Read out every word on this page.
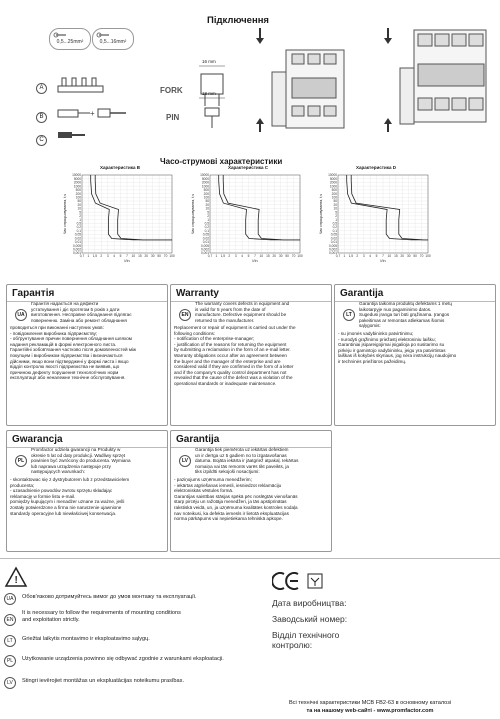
Підключення
0,5...25mm²	0,5...16mm²
A
B
C
+
FORK
PIN
16 mm
18 mm
Часо-струмові характеристики
Характеристика В
10000
5000
2000
1000
500
200
100
50
20
10
5
2
1
0,5
0,2
0,1
0,05
0,02
0,01
0,005
0,002
0,001
0,7 1 1,5 2 3 4 5 7 10 15 20 30 50 70 100
Час спрацьовування, t,s
I/In
Характеристика С
10000
5000
2000
1000
500
200
100
50
20
10
5
2
1
0,5
0,2
0,1
0,05
0,02
0,01
0,005
0,002
0,001
0,7 1 1,5 2 3 4 5 7 10 15 20 30 50 70 100
Час спрацьовування, t,s
I/In
Характеристика D
10000
5000
2000
1000
500
200
100
50
20
10
5
2
1
0,5
0,2
0,1
0,05
0,02
0,01
0,005
0,002
0,001
0,7 1 1,5 2 3 4 5 7 10 15 20 30 50 70 100
Час спрацьовування, t,s
I/In
Гарантія
UA
Гарантія надається на дефекти
устаткування і діє протягом 5 років з дати
виготовлення. Несправне обладнання підлягає
поверненню. Заміна або ремонт обладнання
проводиться при виконанні наступних умов:
- повідомлення виробника підприємству;
- обґрунтування причин повернення обладнання шляхом
надання рекламацій в формі електронного листа.
Гарантійні зобов'язання частково після домовленостей між
покупцем і виробником підприємства і визначаються
дійсними, якщо вони підтверджені у формі листа і якщо
відділ контролю якості підприємства не виявив, що
причиною дефекту порушення технологічних норм
експлуатації або неналежне технічне обслуговування.
Warranty
EN
The warranty covers defects in equipment and
is valid for 5 years from the date of
manufacture. Defective equipment should be
returned to the manufacturer.
Replacement or repair of equipment is carried out under the
following conditions:
- notification of the enterprise-manager;
- justification of the reasons for returning the equipment
by submitting a reclamation in the form of an e-mail letter.
Warranty obligations occur after an agreement between
the buyer and the manager of the enterprise and are
considered valid if they are confirmed in the form of a letter
and if the company's quality control department has not
revealed that the cause of the defect was a violation of the
operational standards or inadequate maintenance.
Garantija
LT
Garantija taikoma produktų defektams 1 metų
laikotarpyje nuo pagaminimo datos.
Sugedusi įranga turi būti grąžinama. Įrangos
pakeitimas ar remontas atliekamas šiomis
sąlygomis:
- su įmonės vadybininko patvirtinimu;
- nurodyti grąžinimo priežastį elektroniniu laišku;
Garantiniai įsipareigojimai įsigalioja po susitarimo su
pirkėju ir gamintojo vadybininku, jeigu yra patvirtintas
laiškas iš kokybės skyriaus, jog nėra instrukcijų naudojimo
ir techninės priežiūros pažeidimų.
Gwarancja
PL
Promfactor udziela gwarancji na Produkty w
okresie 5 lat od daty produkcji. Wadliwy sprzęt
powinien być zwrócony do producenta. Wymiana
lub naprawa urządzenia następuje przy
następujących warunkach:
- skontaktowac się z dystrybutorem lub z przedstawicielem
producenta;
- uzasadnienie powodów zwrotu sprzętu składając
reklamację w formie listu e-mail.
pomiędzy kupującym i menadżer uznane za ważne, jeśli
zostały potwierdzone a firma nie naruszenie ujawnione
standardy operacyjne lub niewłaściwej konserwacja.
Garantija
LV
Garantija tiek piemērota uz iekārtas defektiem
un ir derīga uz 5 gadiem no to izgatavošanas
datuma. Bojāta iekārta ir jāatgriež atpakaļ. Iekārtas
nomaiņa vai tās remonts varēs tikt paveikts, ja
tiks izpildīti sekojoši nosacījumi:
- paziņojums uzņēmuma menedžerim;
- iekārtas atgriešanas iemesli, iesniedzot reklamāciju
elektroniskās vēstules formā.
Garantijas saistības stāsjas spēkā pēc noslēgtās vienošanās
starp pircēju un ražotāja menedžeri, ja tās apstiprinātas
rakstiskā veidā, un, ja uzņēmuma kvalitātes kontroles nodaļa
nav noteikusi, ka defekta iemesls ir lietotā ekspluatācijas
norma pārkāpums vai nepietiekama tehniskā apkope.
!
UA	Обов'язково дотримуйтесь вимог до умов монтажу та експлуатації.
EN
It is necessary to follow the requirements of mounting conditions
and exploitation strictly.
LT	Griežtai laikytis montavimo ir eksploatavimo sąlygų.
PL	Użytkowanie urządzenia powinno się odbywać zgodnie z warunkami eksploatacji.
LV	Stingri ievērojiet montāžas un ekspluatācijas noteikumu prasības.
Дата виробництва:
Заводський номер:
Відділ технічного
контролю:
Всі технічні характеристики МСВ FB2-63 в основному каталозі
та на нашому web-сайті - www.promfactor.com
